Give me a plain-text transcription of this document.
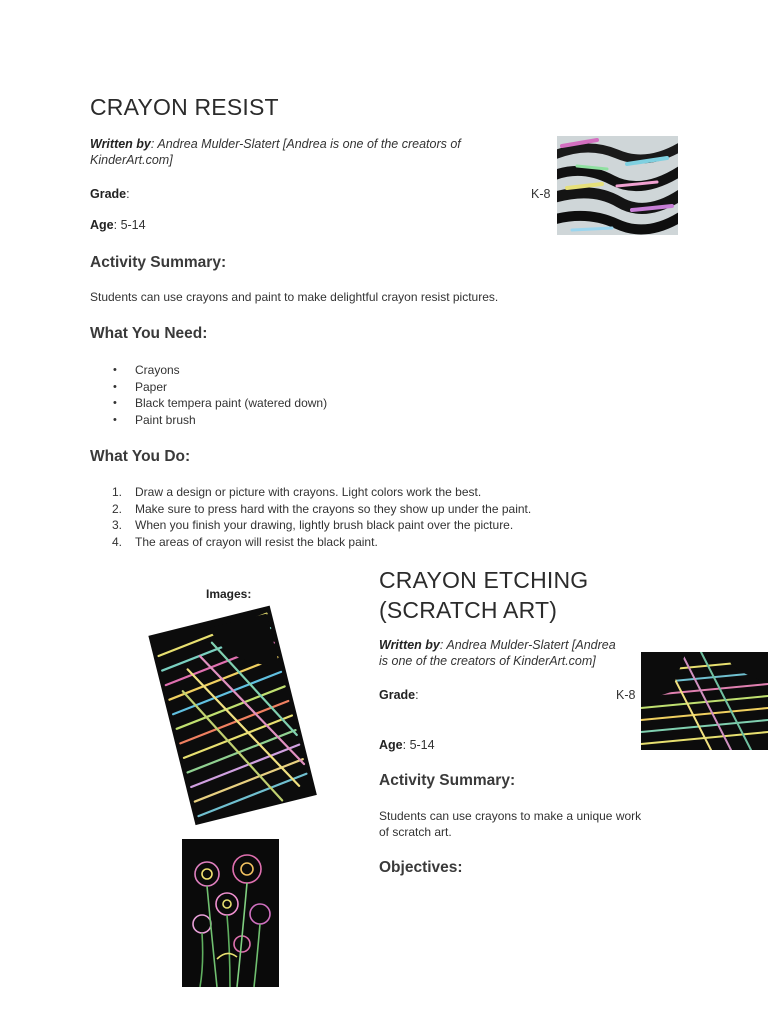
CRAYON RESIST
Written by: Andrea Mulder-Slatert [Andrea is one of the creators of KinderArt.com]
Grade:	K-8
Age: 5-14
Activity Summary:
Students can use crayons and paint to make delightful crayon resist pictures.
What You Need:
• Crayons
• Paper
• Black tempera paint (watered down)
• Paint brush
What You Do:
1. Draw a design or picture with crayons. Light colors work the best.
2. Make sure to press hard with the crayons so they show up under the paint.
3. When you finish your drawing, lightly brush black paint over the picture.
4. The areas of crayon will resist the black paint.
Images:
CRAYON ETCHING
(SCRATCH ART)
Written by: Andrea Mulder-Slatert [Andrea
is one of the creators of KinderArt.com]
Grade:	K-8
Age: 5-14
Activity Summary:
Students can use crayons to make a unique work
of scratch art.
Objectives:
